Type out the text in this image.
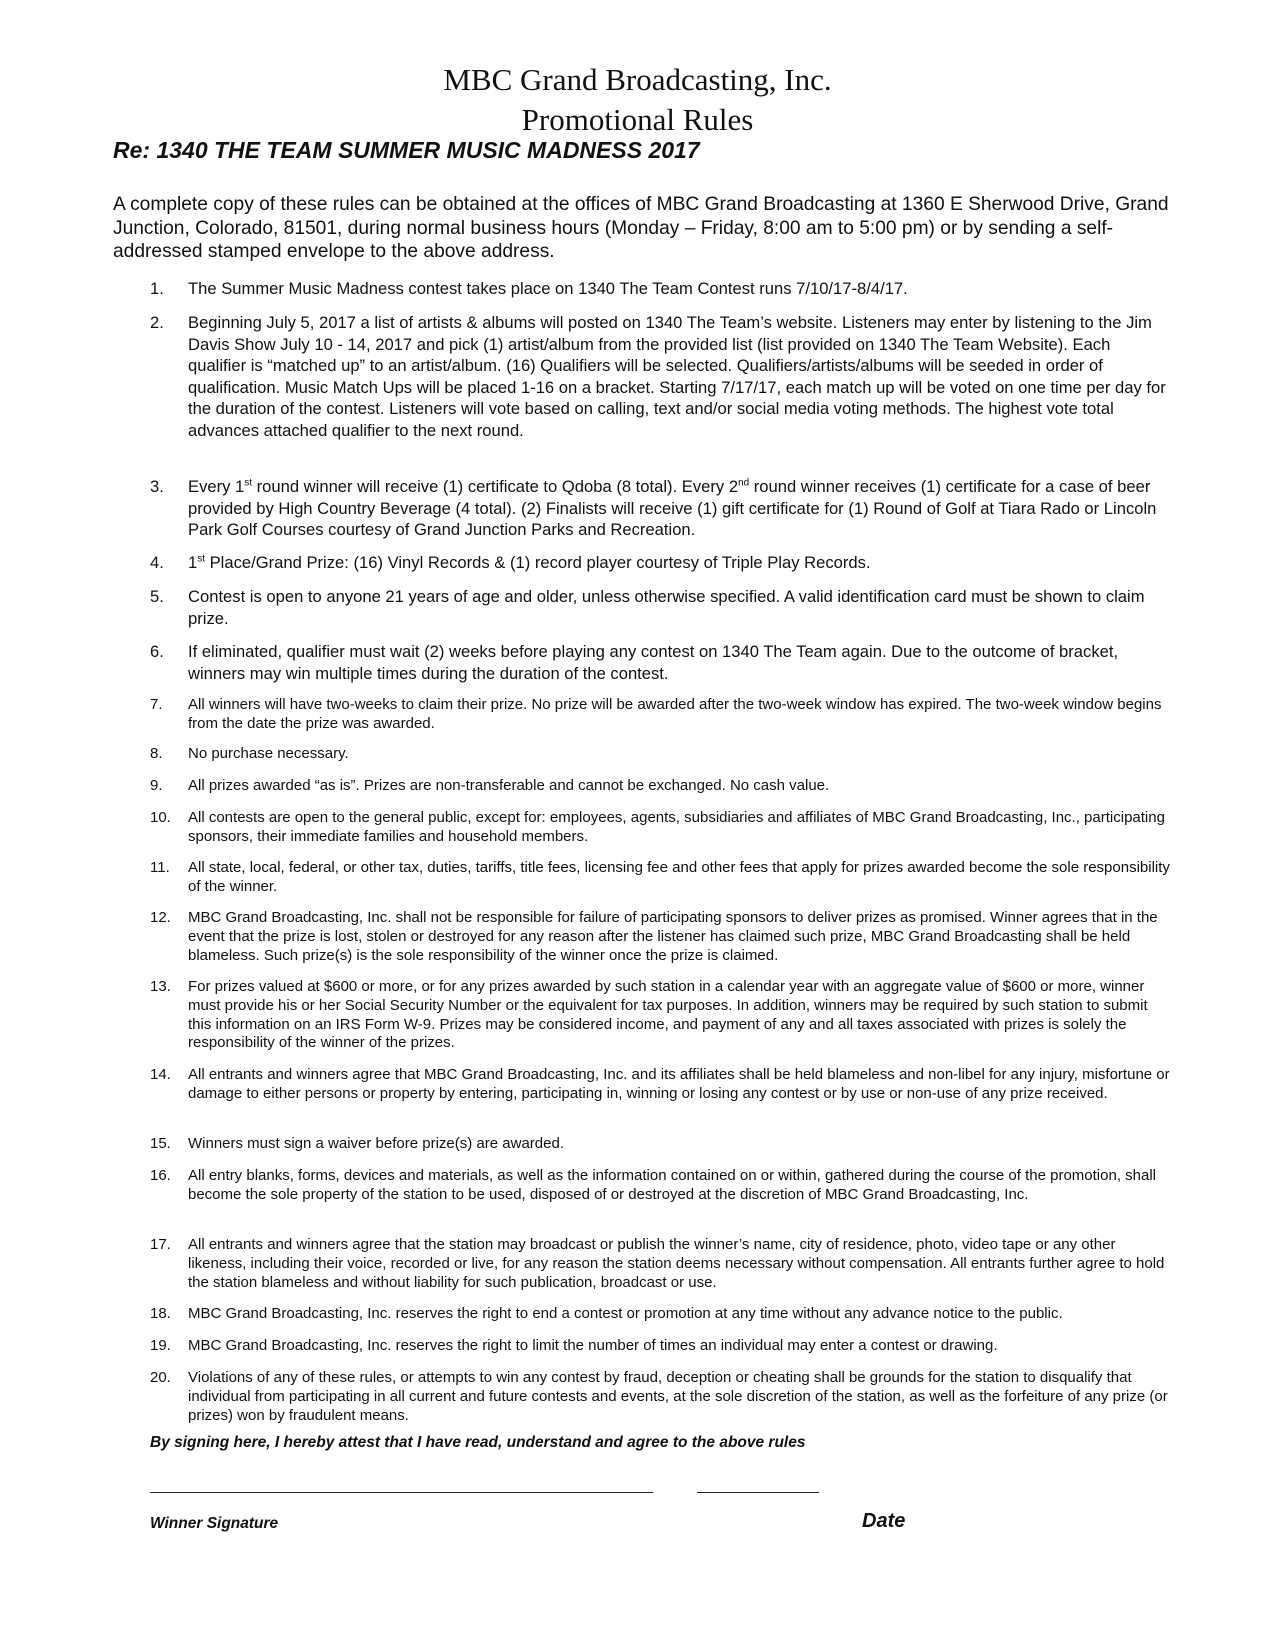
MBC Grand Broadcasting, Inc.
Promotional Rules
Re: 1340 THE TEAM SUMMER MUSIC MADNESS 2017
A complete copy of these rules can be obtained at the offices of MBC Grand Broadcasting at 1360 E Sherwood Drive, Grand Junction, Colorado, 81501, during normal business hours (Monday – Friday, 8:00 am to 5:00 pm) or by sending a self-addressed stamped envelope to the above address.
1.	The Summer Music Madness contest takes place on 1340 The Team Contest runs 7/10/17-8/4/17.
2.	Beginning July 5, 2017 a list of artists & albums will posted on 1340 The Team’s website. Listeners may enter by listening to the Jim Davis Show July 10 - 14, 2017 and pick (1) artist/album from the provided list (list provided on 1340 The Team Website). Each qualifier is “matched up” to an artist/album. (16) Qualifiers will be selected. Qualifiers/artists/albums will be seeded in order of qualification. Music Match Ups will be placed 1-16 on a bracket. Starting 7/17/17, each match up will be voted on one time per day for the duration of the contest. Listeners will vote based on calling, text and/or social media voting methods. The highest vote total advances attached qualifier to the next round.
3.	Every 1st round winner will receive (1) certificate to Qdoba (8 total). Every 2nd round winner receives (1) certificate for a case of beer provided by High Country Beverage (4 total). (2) Finalists will receive (1) gift certificate for (1) Round of Golf at Tiara Rado or Lincoln Park Golf Courses courtesy of Grand Junction Parks and Recreation.
4.	1st Place/Grand Prize: (16) Vinyl Records & (1) record player courtesy of Triple Play Records.
5.	Contest is open to anyone 21 years of age and older, unless otherwise specified. A valid identification card must be shown to claim prize.
6.	If eliminated, qualifier must wait (2) weeks before playing any contest on 1340 The Team again. Due to the outcome of bracket, winners may win multiple times during the duration of the contest.
7.	All winners will have two-weeks to claim their prize. No prize will be awarded after the two-week window has expired. The two-week window begins from the date the prize was awarded.
8.	No purchase necessary.
9.	All prizes awarded “as is”. Prizes are non-transferable and cannot be exchanged. No cash value.
10.	All contests are open to the general public, except for: employees, agents, subsidiaries and affiliates of MBC Grand Broadcasting, Inc., participating sponsors, their immediate families and household members.
11.	All state, local, federal, or other tax, duties, tariffs, title fees, licensing fee and other fees that apply for prizes awarded become the sole responsibility of the winner.
12.	MBC Grand Broadcasting, Inc. shall not be responsible for failure of participating sponsors to deliver prizes as promised. Winner agrees that in the event that the prize is lost, stolen or destroyed for any reason after the listener has claimed such prize, MBC Grand Broadcasting shall be held blameless. Such prize(s) is the sole responsibility of the winner once the prize is claimed.
13.	For prizes valued at $600 or more, or for any prizes awarded by such station in a calendar year with an aggregate value of $600 or more, winner must provide his or her Social Security Number or the equivalent for tax purposes. In addition, winners may be required by such station to submit this information on an IRS Form W-9. Prizes may be considered income, and payment of any and all taxes associated with prizes is solely the responsibility of the winner of the prizes.
14.	All entrants and winners agree that MBC Grand Broadcasting, Inc. and its affiliates shall be held blameless and non-libel for any injury, misfortune or damage to either persons or property by entering, participating in, winning or losing any contest or by use or non-use of any prize received.
15.	Winners must sign a waiver before prize(s) are awarded.
16.	All entry blanks, forms, devices and materials, as well as the information contained on or within, gathered during the course of the promotion, shall become the sole property of the station to be used, disposed of or destroyed at the discretion of MBC Grand Broadcasting, Inc.
17.	All entrants and winners agree that the station may broadcast or publish the winner’s name, city of residence, photo, video tape or any other likeness, including their voice, recorded or live, for any reason the station deems necessary without compensation. All entrants further agree to hold the station blameless and without liability for such publication, broadcast or use.
18.	MBC Grand Broadcasting, Inc. reserves the right to end a contest or promotion at any time without any advance notice to the public.
19.	MBC Grand Broadcasting, Inc. reserves the right to limit the number of times an individual may enter a contest or drawing.
20.	Violations of any of these rules, or attempts to win any contest by fraud, deception or cheating shall be grounds for the station to disqualify that individual from participating in all current and future contests and events, at the sole discretion of the station, as well as the forfeiture of any prize (or prizes) won by fraudulent means.
By signing here, I hereby attest that I have read, understand and agree to the above rules
Winner Signature	Date
